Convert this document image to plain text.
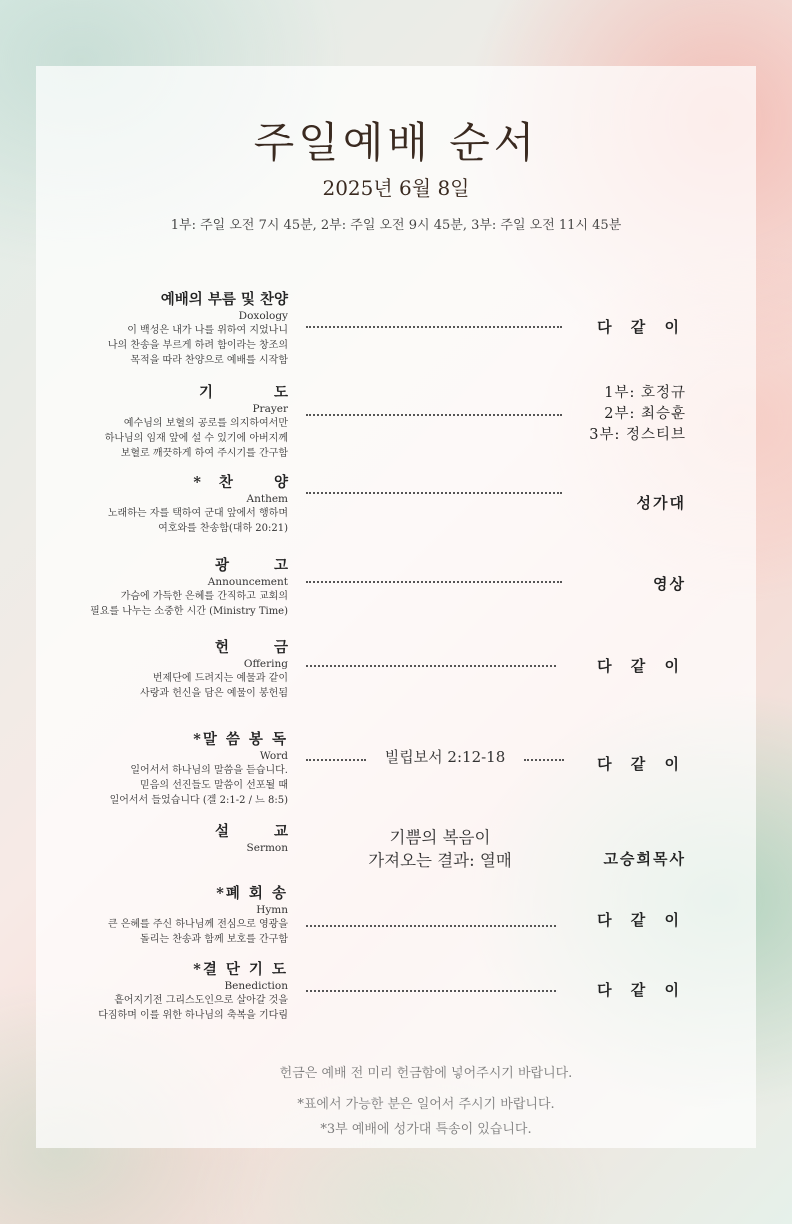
주일예배 순서
2025년 6월 8일
1부: 주일 오전 7시 45분, 2부: 주일 오전 9시 45분, 3부: 주일 오전 11시 45분
예배의 부름 및 찬양
Doxology
이 백성은 내가 나를 위하여 지었나니
나의 찬송을 부르게 하려 함이라는 창조의
목적을 따라 찬양으로 예배를 시작함
다 같 이
기 도
Prayer
예수님의 보혈의 공로를 의지하여서만
하나님의 임재 앞에 설 수 있기에 아버지께
보혈로 깨끗하게 하여 주시기를 간구함
1부: 호정규
2부: 최승훈
3부: 정스티브
*찬 양
Anthem
노래하는 자를 택하여 군대 앞에서 행하며
여호와를 찬송함(대하 20:21)
성가대
광 고
Announcement
가슴에 가득한 은혜를 간직하고 교회의
필요를 나누는 소중한 시간 (Ministry Time)
영상
헌 금
Offering
번제단에 드려지는 예물과 같이
사랑과 헌신을 담은 예물이 봉헌됨
다 같 이
*말 씀 봉 독
Word
일어서서 하나님의 말씀을 듣습니다.
믿음의 선진들도 말씀이 선포될 때
일어서서 들었습니다 (겔 2:1-2 / 느 8:5)
빌립보서 2:12-18	다 같 이
설 교
Sermon
기쁨의 복음이
가져오는 결과: 열매	고승희목사
*폐 회 송
Hymn
큰 은혜를 주신 하나님께 전심으로 영광을
돌리는 찬송과 함께 보호를 간구함
다 같 이
*결 단 기 도
Benediction
흩어지기전 그리스도인으로 살아갈 것을
다짐하며 이를 위한 하나님의 축복을 기다림
다 같 이
헌금은 예배 전 미리 헌금함에 넣어주시기 바랍니다.
*표에서 가능한 분은 일어서 주시기 바랍니다.
*3부 예배에 성가대 특송이 있습니다.
